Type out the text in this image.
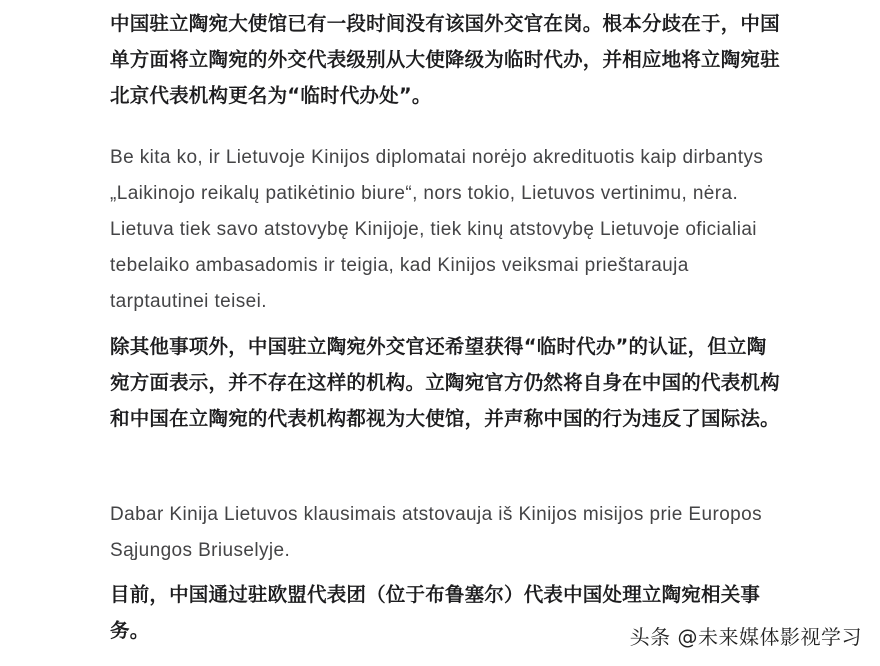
中国驻立陶宛大使馆已有一段时间没有该国外交官在岗。根本分歧在于，中国单方面将立陶宛的外交代表级别从大使降级为临时代办，并相应地将立陶宛驻北京代表机构更名为“临时代办处”。

Be kita ko, ir Lietuvoje Kinijos diplomatai norėjo akredituotis kaip dirbantys „Laikinojo reikalų patikėtinio biure“, nors tokio, Lietuvos vertinimu, nėra. Lietuva tiek savo atstovybę Kinijoje, tiek kinų atstovybę Lietuvoje oficialiai tebelaiko ambasadomis ir teigia, kad Kinijos veiksmai prieštarauja tarptautinei teisei.

除其他事项外，中国驻立陶宛外交官还希望获得“临时代办”的认证，但立陶宛方面表示，并不存在这样的机构。立陶宛官方仍然将自身在中国的代表机构和中国在立陶宛的代表机构都视为大使馆，并声称中国的行为违反了国际法。

Dabar Kinija Lietuvos klausimais atstovauja iš Kinijos misijos prie Europos Sąjungos Briuselyje.

目前，中国通过驻欧盟代表团（位于布鲁塞尔）代表中国处理立陶宛相关事务。	头条 @未来媒体影视学习
